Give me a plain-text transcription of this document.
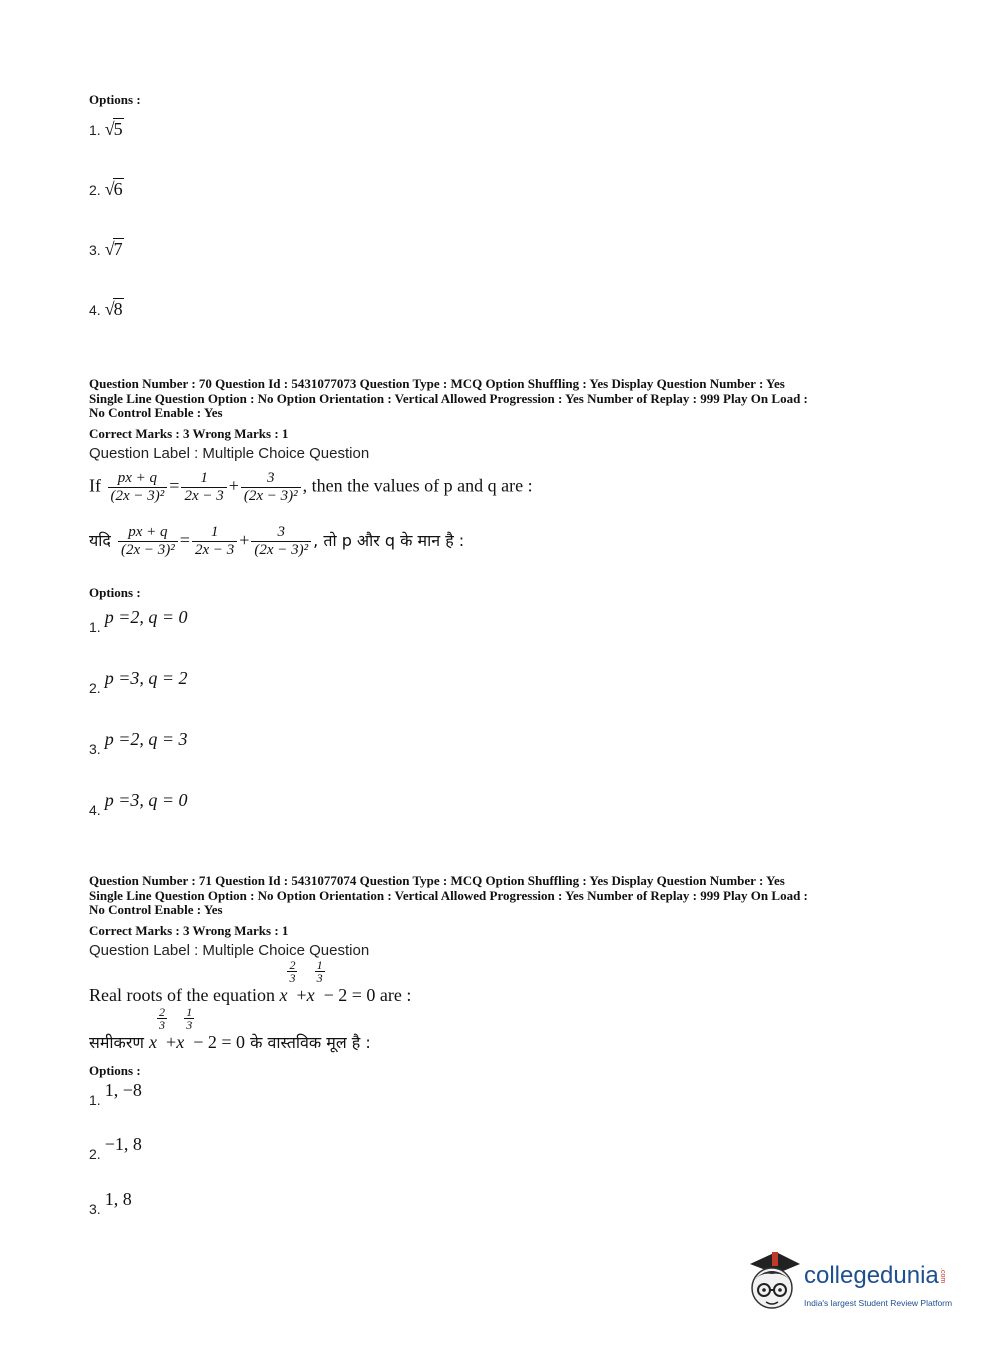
Options :
1. √5
2. √6
3. √7
4. √8
Question Number : 70 Question Id : 5431077073 Question Type : MCQ Option Shuffling : Yes Display Question Number : Yes
Single Line Question Option : No Option Orientation : Vertical Allowed Progression : Yes Number of Replay : 999 Play On Load :
No Control Enable : Yes
Correct Marks : 3 Wrong Marks : 1
Question Label : Multiple Choice Question
If $\frac{px + q}{\text{(2x − 3)²}} = \frac{1}{2x - 3} + \frac{3}{\text{(2x − 3)²}}$ , then the values of p and q are :
यदि $\frac{px + q}{\text{(2x − 3)²}} = \frac{1}{2x - 3} + \frac{3}{\text{(2x − 3)²}}$ , तो p और q के मान है :
Options :
1. p =2, q = 0
2. p =3, q = 2
3. p =2, q = 3
4. p =3, q = 0
Question Number : 71 Question Id : 5431077074 Question Type : MCQ Option Shuffling : Yes Display Question Number : Yes
Single Line Question Option : No Option Orientation : Vertical Allowed Progression : Yes Number of Replay : 999 Play On Load :
No Control Enable : Yes
Correct Marks : 3 Wrong Marks : 1
Question Label : Multiple Choice Question
Real roots of the equation x
2
3
+x
1
3
− 2 = 0 are :
समीकरण x
2
3
+x
1
3
− 2 = 0 के वास्तविक मूल है :
Options :
1. 1, −8
2. −1, 8
3. 1, 8
collegedunia.com
India's largest Student Review Platform
